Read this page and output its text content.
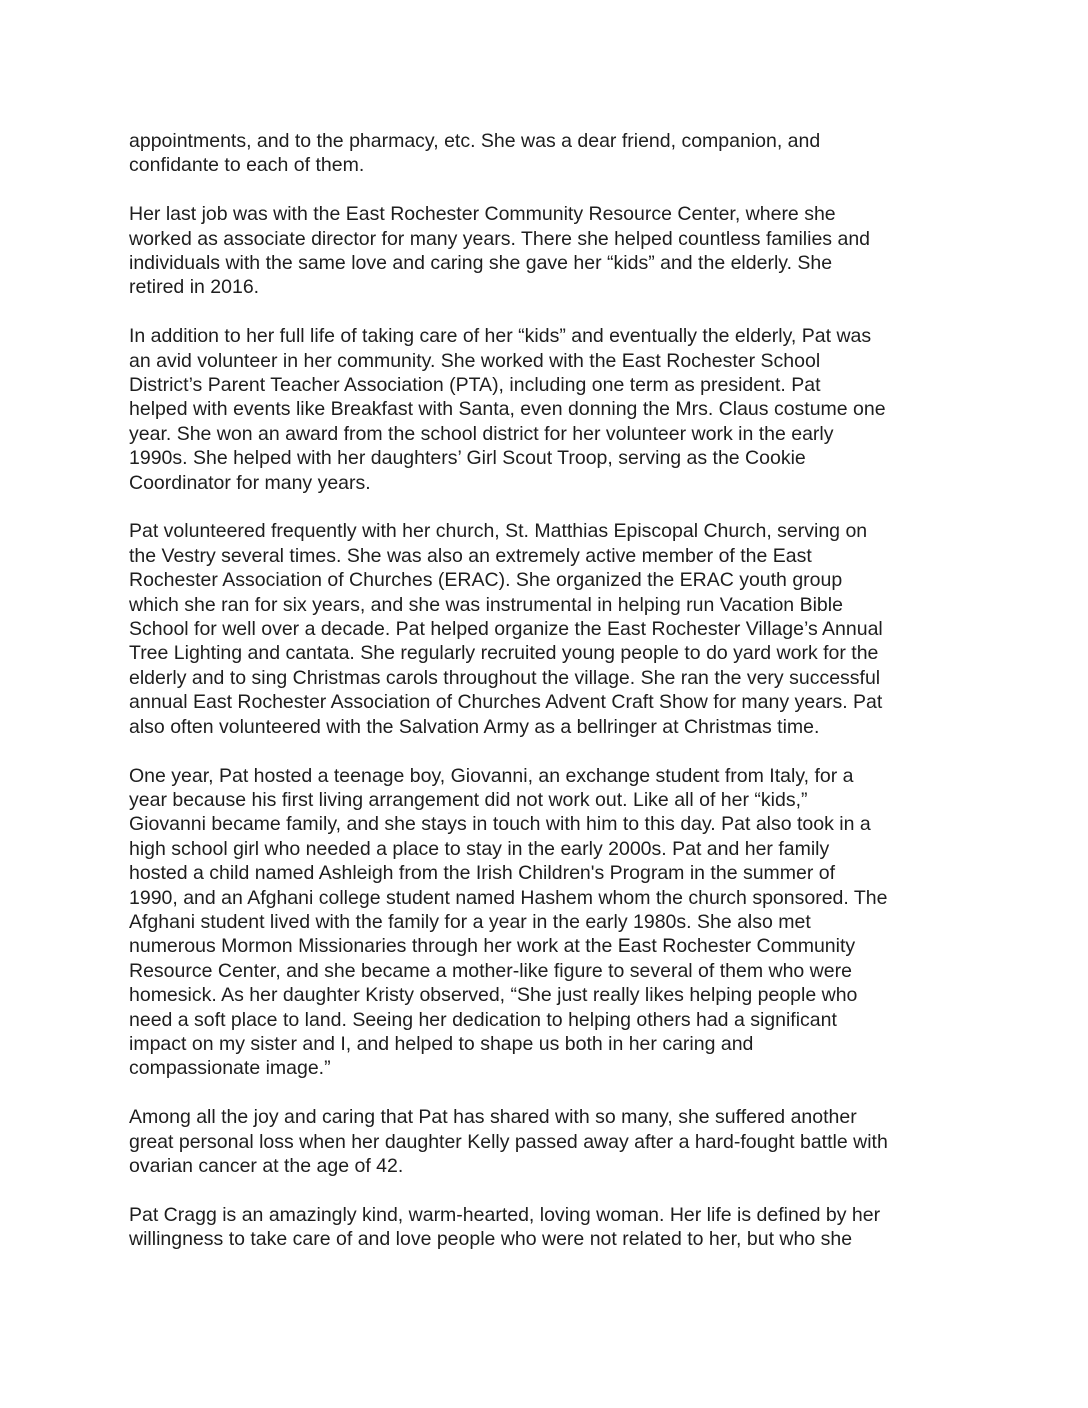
appointments, and to the pharmacy, etc. She was a dear friend, companion, and
confidante to each of them.

Her last job was with the East Rochester Community Resource Center, where she
worked as associate director for many years. There she helped countless families and
individuals with the same love and caring she gave her “kids” and the elderly. She
retired in 2016.

In addition to her full life of taking care of her “kids” and eventually the elderly, Pat was
an avid volunteer in her community. She worked with the East Rochester School
District’s Parent Teacher Association (PTA), including one term as president. Pat
helped with events like Breakfast with Santa, even donning the Mrs. Claus costume one
year. She won an award from the school district for her volunteer work in the early
1990s. She helped with her daughters’ Girl Scout Troop, serving as the Cookie
Coordinator for many years.

Pat volunteered frequently with her church, St. Matthias Episcopal Church, serving on
the Vestry several times. She was also an extremely active member of the East
Rochester Association of Churches (ERAC). She organized the ERAC youth group
which she ran for six years, and she was instrumental in helping run Vacation Bible
School for well over a decade. Pat helped organize the East Rochester Village’s Annual
Tree Lighting and cantata. She regularly recruited young people to do yard work for the
elderly and to sing Christmas carols throughout the village. She ran the very successful
annual East Rochester Association of Churches Advent Craft Show for many years. Pat
also often volunteered with the Salvation Army as a bellringer at Christmas time.

One year, Pat hosted a teenage boy, Giovanni, an exchange student from Italy, for a
year because his first living arrangement did not work out. Like all of her “kids,”
Giovanni became family, and she stays in touch with him to this day. Pat also took in a
high school girl who needed a place to stay in the early 2000s. Pat and her family
hosted a child named Ashleigh from the Irish Children's Program in the summer of
1990, and an Afghani college student named Hashem whom the church sponsored. The
Afghani student lived with the family for a year in the early 1980s. She also met
numerous Mormon Missionaries through her work at the East Rochester Community
Resource Center, and she became a mother-like figure to several of them who were
homesick. As her daughter Kristy observed, “She just really likes helping people who
need a soft place to land. Seeing her dedication to helping others had a significant
impact on my sister and I, and helped to shape us both in her caring and
compassionate image.”

Among all the joy and caring that Pat has shared with so many, she suffered another
great personal loss when her daughter Kelly passed away after a hard-fought battle with
ovarian cancer at the age of 42.

Pat Cragg is an amazingly kind, warm-hearted, loving woman. Her life is defined by her
willingness to take care of and love people who were not related to her, but who she
